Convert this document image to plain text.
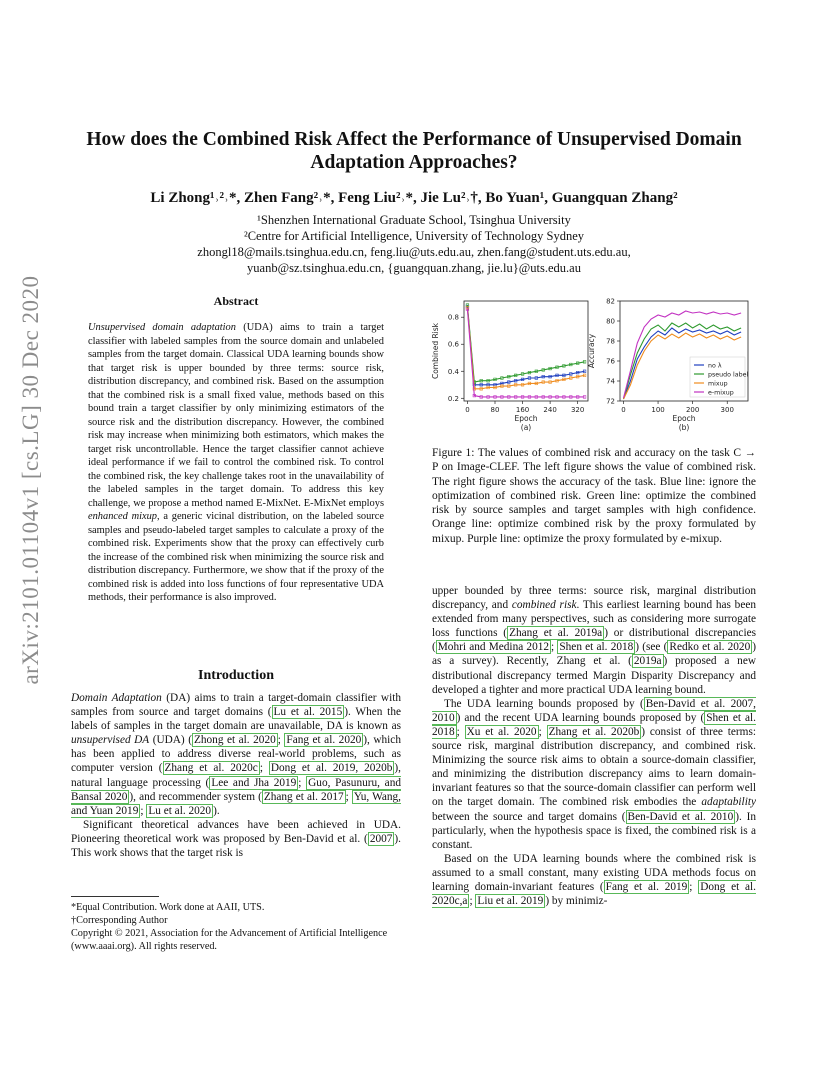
arXiv:2101.01104v1 [cs.LG] 30 Dec 2020
How does the Combined Risk Affect the Performance of Unsupervised Domain Adaptation Approaches?
Li Zhong¹˒²˒*, Zhen Fang²˒*, Feng Liu²˒*, Jie Lu²˒†, Bo Yuan¹, Guangquan Zhang²
¹Shenzhen International Graduate School, Tsinghua University
²Centre for Artificial Intelligence, University of Technology Sydney
zhongl18@mails.tsinghua.edu.cn, feng.liu@uts.edu.au, zhen.fang@student.uts.edu.au,
yuanb@sz.tsinghua.edu.cn, {guangquan.zhang, jie.lu}@uts.edu.au
Abstract

Unsupervised domain adaptation (UDA) aims to train a target classifier with labeled samples from the source domain and unlabeled samples from the target domain. Classical UDA learning bounds show that target risk is upper bounded by three terms: source risk, distribution discrepancy, and combined risk. Based on the assumption that the combined risk is a small fixed value, methods based on this bound train a target classifier by only minimizing estimators of the source risk and the distribution discrepancy. However, the combined risk may increase when minimizing both estimators, which makes the target risk uncontrollable. Hence the target classifier cannot achieve ideal performance if we fail to control the combined risk. To control the combined risk, the key challenge takes root in the unavailability of the labeled samples in the target domain. To address this key challenge, we propose a method named E-MixNet. E-MixNet employs enhanced mixup, a generic vicinal distribution, on the labeled source samples and pseudo-labeled target samples to calculate a proxy of the combined risk. Experiments show that the proxy can effectively curb the increase of the combined risk when minimizing the source risk and distribution discrepancy. Furthermore, we show that if the proxy of the combined risk is added into loss functions of four representative UDA methods, their performance is also improved.

Introduction

Domain Adaptation (DA) aims to train a target-domain classifier with samples from source and target domains ( Lu et al. 2015 ). When the labels of samples in the target domain are unavailable, DA is known as unsupervised DA (UDA) ( Zhong et al. 2020 ; Fang et al. 2020 ), which has been applied to address diverse real-world problems, such as computer version ( Zhang et al. 2020c ; Dong et al. 2019, 2020b ), natural language processing ( Lee and Jha 2019 ; Guo, Pasunuru, and Bansal 2020 ), and recommender system ( Zhang et al. 2017 ; Yu, Wang, and Yuan 2019 ; Lu et al. 2020 ).

Significant theoretical advances have been achieved in UDA. Pioneering theoretical work was proposed by Ben-David et al. ( 2007 ). This work shows that the target risk is

*Equal Contribution. Work done at AAII, UTS.
†Corresponding Author
Copyright © 2021, Association for the Advancement of Artificial Intelligence (www.aaai.org). All rights reserved.
0	80 160 240 320
0.2
0.4
0.6
0.8
Epoch
(a)
Combined Risk
0	100	200	300
72
74
76
78
80
82
Epoch
(b)
Accuracy	no λ
pseudo label
mixup
e-mixup
Figure 1: The values of combined risk and accuracy on the task C → P on Image-CLEF. The left figure shows the value of combined risk. The right figure shows the accuracy of the task. Blue line: ignore the optimization of combined risk. Green line: optimize the combined risk by source samples and target samples with high confidence. Orange line: optimize combined risk by the proxy formulated by mixup. Purple line: optimize the proxy formulated by e-mixup.

upper bounded by three terms: source risk, marginal distribution discrepancy, and combined risk. This earliest learning bound has been extended from many perspectives, such as considering more surrogate loss functions ( Zhang et al. 2019a ) or distributional discrepancies ( Mohri and Medina 2012 ; Shen et al. 2018 ) (see ( Redko et al. 2020 ) as a survey). Recently, Zhang et al. ( 2019a ) proposed a new distributional discrepancy termed Margin Disparity Discrepancy and developed a tighter and more practical UDA learning bound.

The UDA learning bounds proposed by ( Ben-David et al. 2007, 2010 ) and the recent UDA learning bounds proposed by ( Shen et al. 2018 ; Xu et al. 2020 ; Zhang et al. 2020b ) consist of three terms: source risk, marginal distribution discrepancy, and combined risk. Minimizing the source risk aims to obtain a source-domain classifier, and minimizing the distribution discrepancy aims to learn domain-invariant features so that the source-domain classifier can perform well on the target domain. The combined risk embodies the adaptability between the source and target domains ( Ben-David et al. 2010 ). In particularly, when the hypothesis space is fixed, the combined risk is a constant.

Based on the UDA learning bounds where the combined risk is assumed to a small constant, many existing UDA methods focus on learning domain-invariant features ( Fang et al. 2019 ; Dong et al. 2020c,a ; Liu et al. 2019 ) by minimiz-
